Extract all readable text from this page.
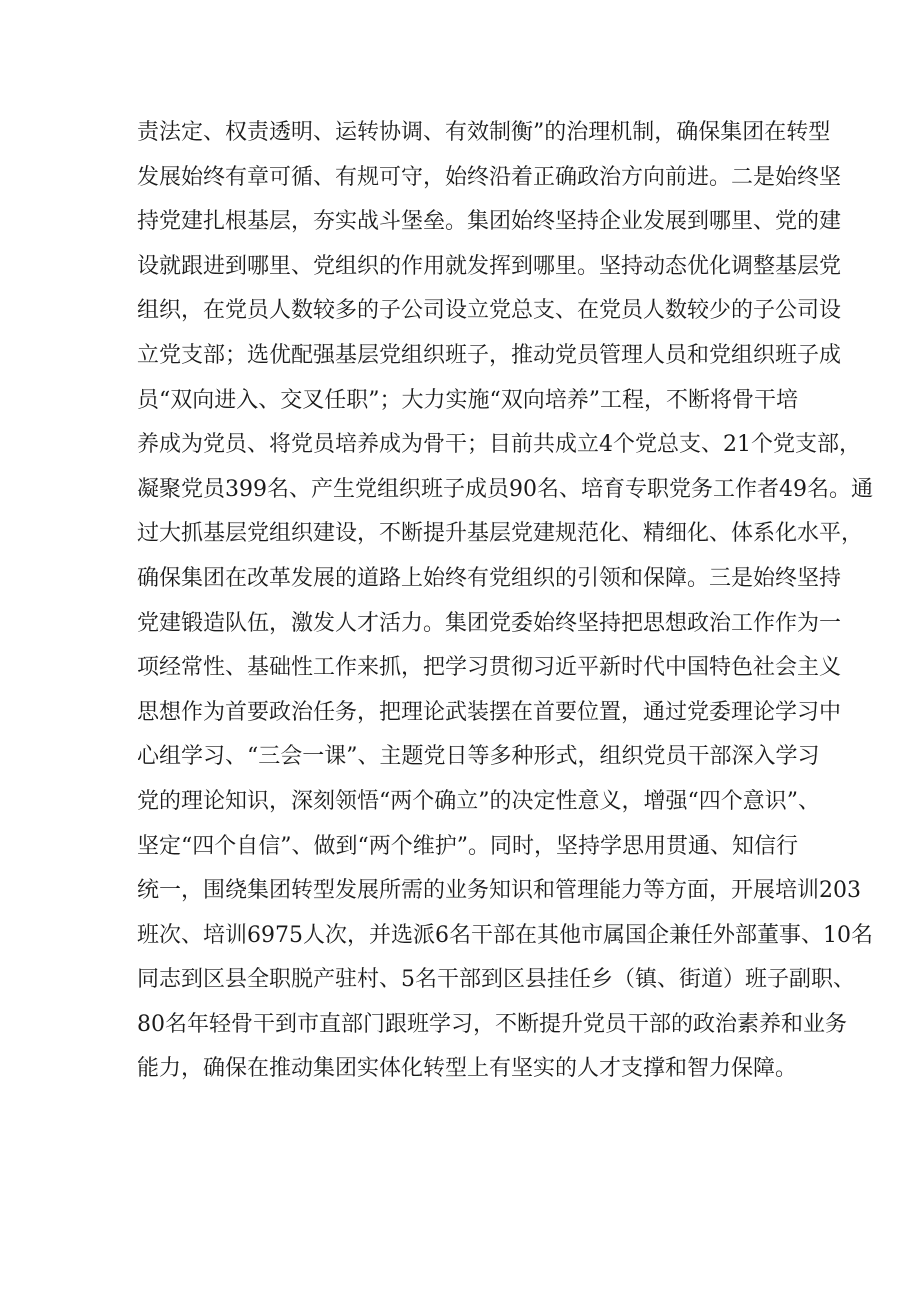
责法定、权责透明、运转协调、有效制衡”的治理机制，确保集团在转型
发展始终有章可循、有规可守，始终沿着正确政治方向前进。二是始终坚
持党建扎根基层，夯实战斗堡垒。集团始终坚持企业发展到哪里、党的建
设就跟进到哪里、党组织的作用就发挥到哪里。坚持动态优化调整基层党
组织，在党员人数较多的子公司设立党总支、在党员人数较少的子公司设
立党支部；选优配强基层党组织班子，推动党员管理人员和党组织班子成
员“双向进入、交叉任职”；大力实施“双向培养”工程，不断将骨干培
养成为党员、将党员培养成为骨干；目前共成立4个党总支、21个党支部，
凝聚党员399名、产生党组织班子成员90名、培育专职党务工作者49名。通
过大抓基层党组织建设，不断提升基层党建规范化、精细化、体系化水平，
确保集团在改革发展的道路上始终有党组织的引领和保障。三是始终坚持
党建锻造队伍，激发人才活力。集团党委始终坚持把思想政治工作作为一
项经常性、基础性工作来抓，把学习贯彻习近平新时代中国特色社会主义
思想作为首要政治任务，把理论武装摆在首要位置，通过党委理论学习中
心组学习、“三会一课”、主题党日等多种形式，组织党员干部深入学习
党的理论知识，深刻领悟“两个确立”的决定性意义，增强“四个意识”、
坚定“四个自信”、做到“两个维护”。同时，坚持学思用贯通、知信行
统一，围绕集团转型发展所需的业务知识和管理能力等方面，开展培训203
班次、培训6975人次，并选派6名干部在其他市属国企兼任外部董事、10名
同志到区县全职脱产驻村、5名干部到区县挂任乡（镇、街道）班子副职、
80名年轻骨干到市直部门跟班学习，不断提升党员干部的政治素养和业务
能力，确保在推动集团实体化转型上有坚实的人才支撑和智力保障。
